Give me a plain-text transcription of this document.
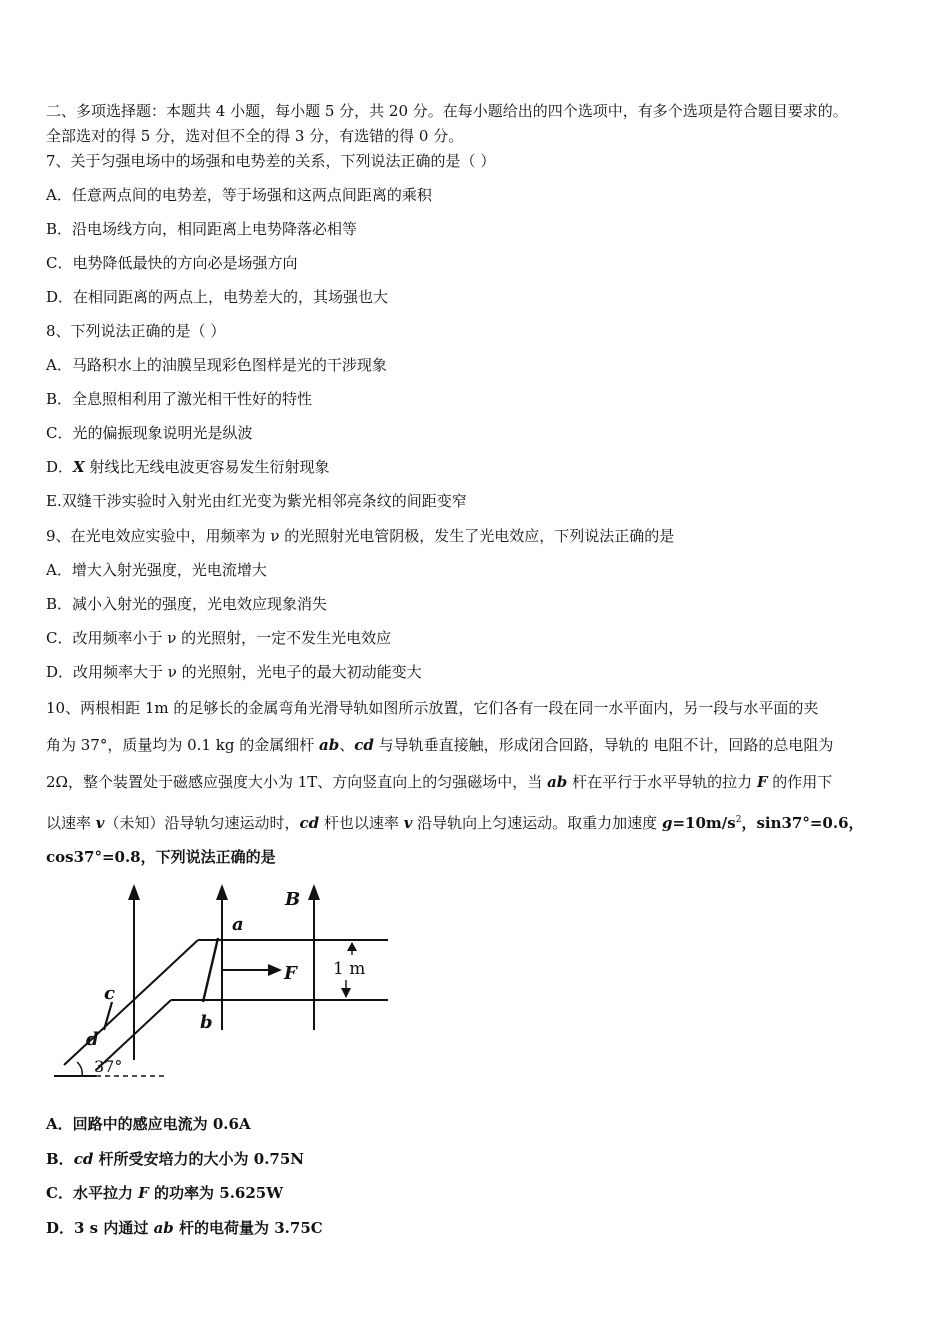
二、多项选择题：本题共 4 小题，每小题 5 分，共 20 分。在每小题给出的四个选项中，有多个选项是符合题目要求的。
全部选对的得 5 分，选对但不全的得 3 分，有选错的得 0 分。
7、关于匀强电场中的场强和电势差的关系，下列说法正确的是（ ）
A．任意两点间的电势差，等于场强和这两点间距离的乘积
B．沿电场线方向，相同距离上电势降落必相等
C．电势降低最快的方向必是场强方向
D．在相同距离的两点上，电势差大的，其场强也大
8、下列说法正确的是（ ）
A．马路积水上的油膜呈现彩色图样是光的干涉现象
B．全息照相利用了激光相干性好的特性
C．光的偏振现象说明光是纵波
D．X 射线比无线电波更容易发生衍射现象
E.双缝干涉实验时入射光由红光变为紫光相邻亮条纹的间距变窄
9、在光电效应实验中，用频率为 ν 的光照射光电管阴极，发生了光电效应，下列说法正确的是
A．增大入射光强度，光电流增大
B．减小入射光的强度，光电效应现象消失
C．改用频率小于 ν 的光照射，一定不发生光电效应
D．改用频率大于 ν 的光照射，光电子的最大初动能变大
10、两根相距 1m 的足够长的金属弯角光滑导轨如图所示放置，它们各有一段在同一水平面内，另一段与水平面的夹
角为 37°，质量均为 0.1 kg 的金属细杆 ab、cd 与导轨垂直接触，形成闭合回路，导轨的 电阻不计，回路的总电阻为
2Ω，整个装置处于磁感应强度大小为 1T、方向竖直向上的匀强磁场中，当 ab 杆在平行于水平导轨的拉力 F 的作用下
以速率 v（未知）沿导轨匀速运动时，cd 杆也以速率 v 沿导轨向上匀速运动。取重力加速度 $g=10m/s^2$，sin37°=0.6，
cos37°=0.8，下列说法正确的是
B
a
b
c
d
F 1 m
37°
A．回路中的感应电流为 0.6A
B．cd 杆所受安培力的大小为 0.75N
C．水平拉力 F 的功率为 5.625W
D．3 s 内通过 ab 杆的电荷量为 3.75C
